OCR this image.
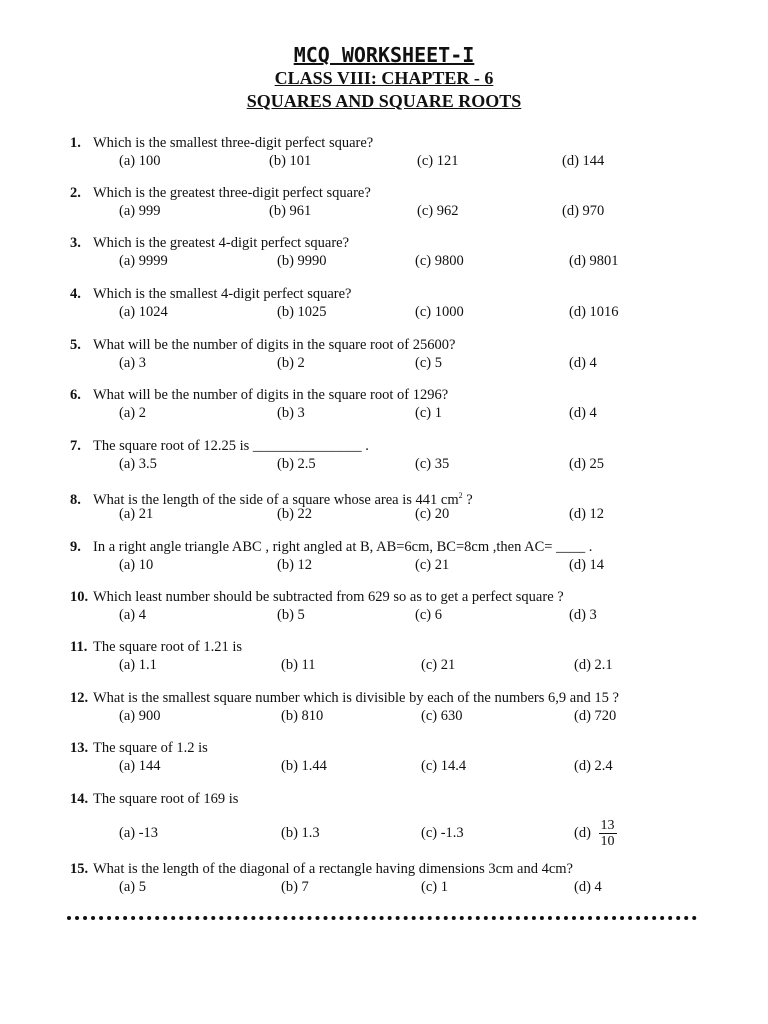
MCQ WORKSHEET-I
CLASS VIII: CHAPTER - 6
SQUARES AND SQUARE ROOTS
1. Which is the smallest three-digit perfect square?
(a) 100	(b) 101	(c) 121	(d) 144
2. Which is the greatest three-digit perfect square?
(a) 999	(b) 961	(c) 962	(d) 970
3. Which is the greatest 4-digit perfect square?
(a) 9999	(b) 9990	(c) 9800	(d) 9801
4. Which is the smallest 4-digit perfect square?
(a) 1024	(b) 1025	(c) 1000	(d) 1016
5. What will be the number of digits in the square root of 25600?
(a) 3	(b) 2	(c) 5	(d) 4
6. What will be the number of digits in the square root of 1296?
(a) 2	(b) 3	(c) 1	(d) 4
7. The square root of 12.25 is _______________ .
(a) 3.5	(b) 2.5	(c) 35	(d) 25
8. What is the length of the side of a square whose area is 441 $cm^2$ ?
(a) 21	(b) 22	(c) 20	(d) 12
9. In a right angle triangle ABC , right angled at B, AB=6cm, BC=8cm ,then AC= ____ .
(a) 10	(b) 12	(c) 21	(d) 14
10. Which least number should be subtracted from 629 so as to get a perfect square ?
(a) 4	(b) 5	(c) 6	(d) 3
11. The square root of 1.21 is
(a) 1.1	(b) 11	(c) 21	(d) 2.1
12. What is the smallest square number which is divisible by each of the numbers 6,9 and 15 ?
(a) 900	(b) 810	(c) 630	(d) 720
13. The square of 1.2 is
(a) 144	(b) 1.44	(c) 14.4	(d) 2.4
14. The square root of 169 is
(a) -13	(b) 1.3	(c) -1.3	$(d) \frac{13}{10}$
15. What is the length of the diagonal of a rectangle having dimensions 3cm and 4cm?
(a) 5	(b) 7	(c) 1	(d) 4
